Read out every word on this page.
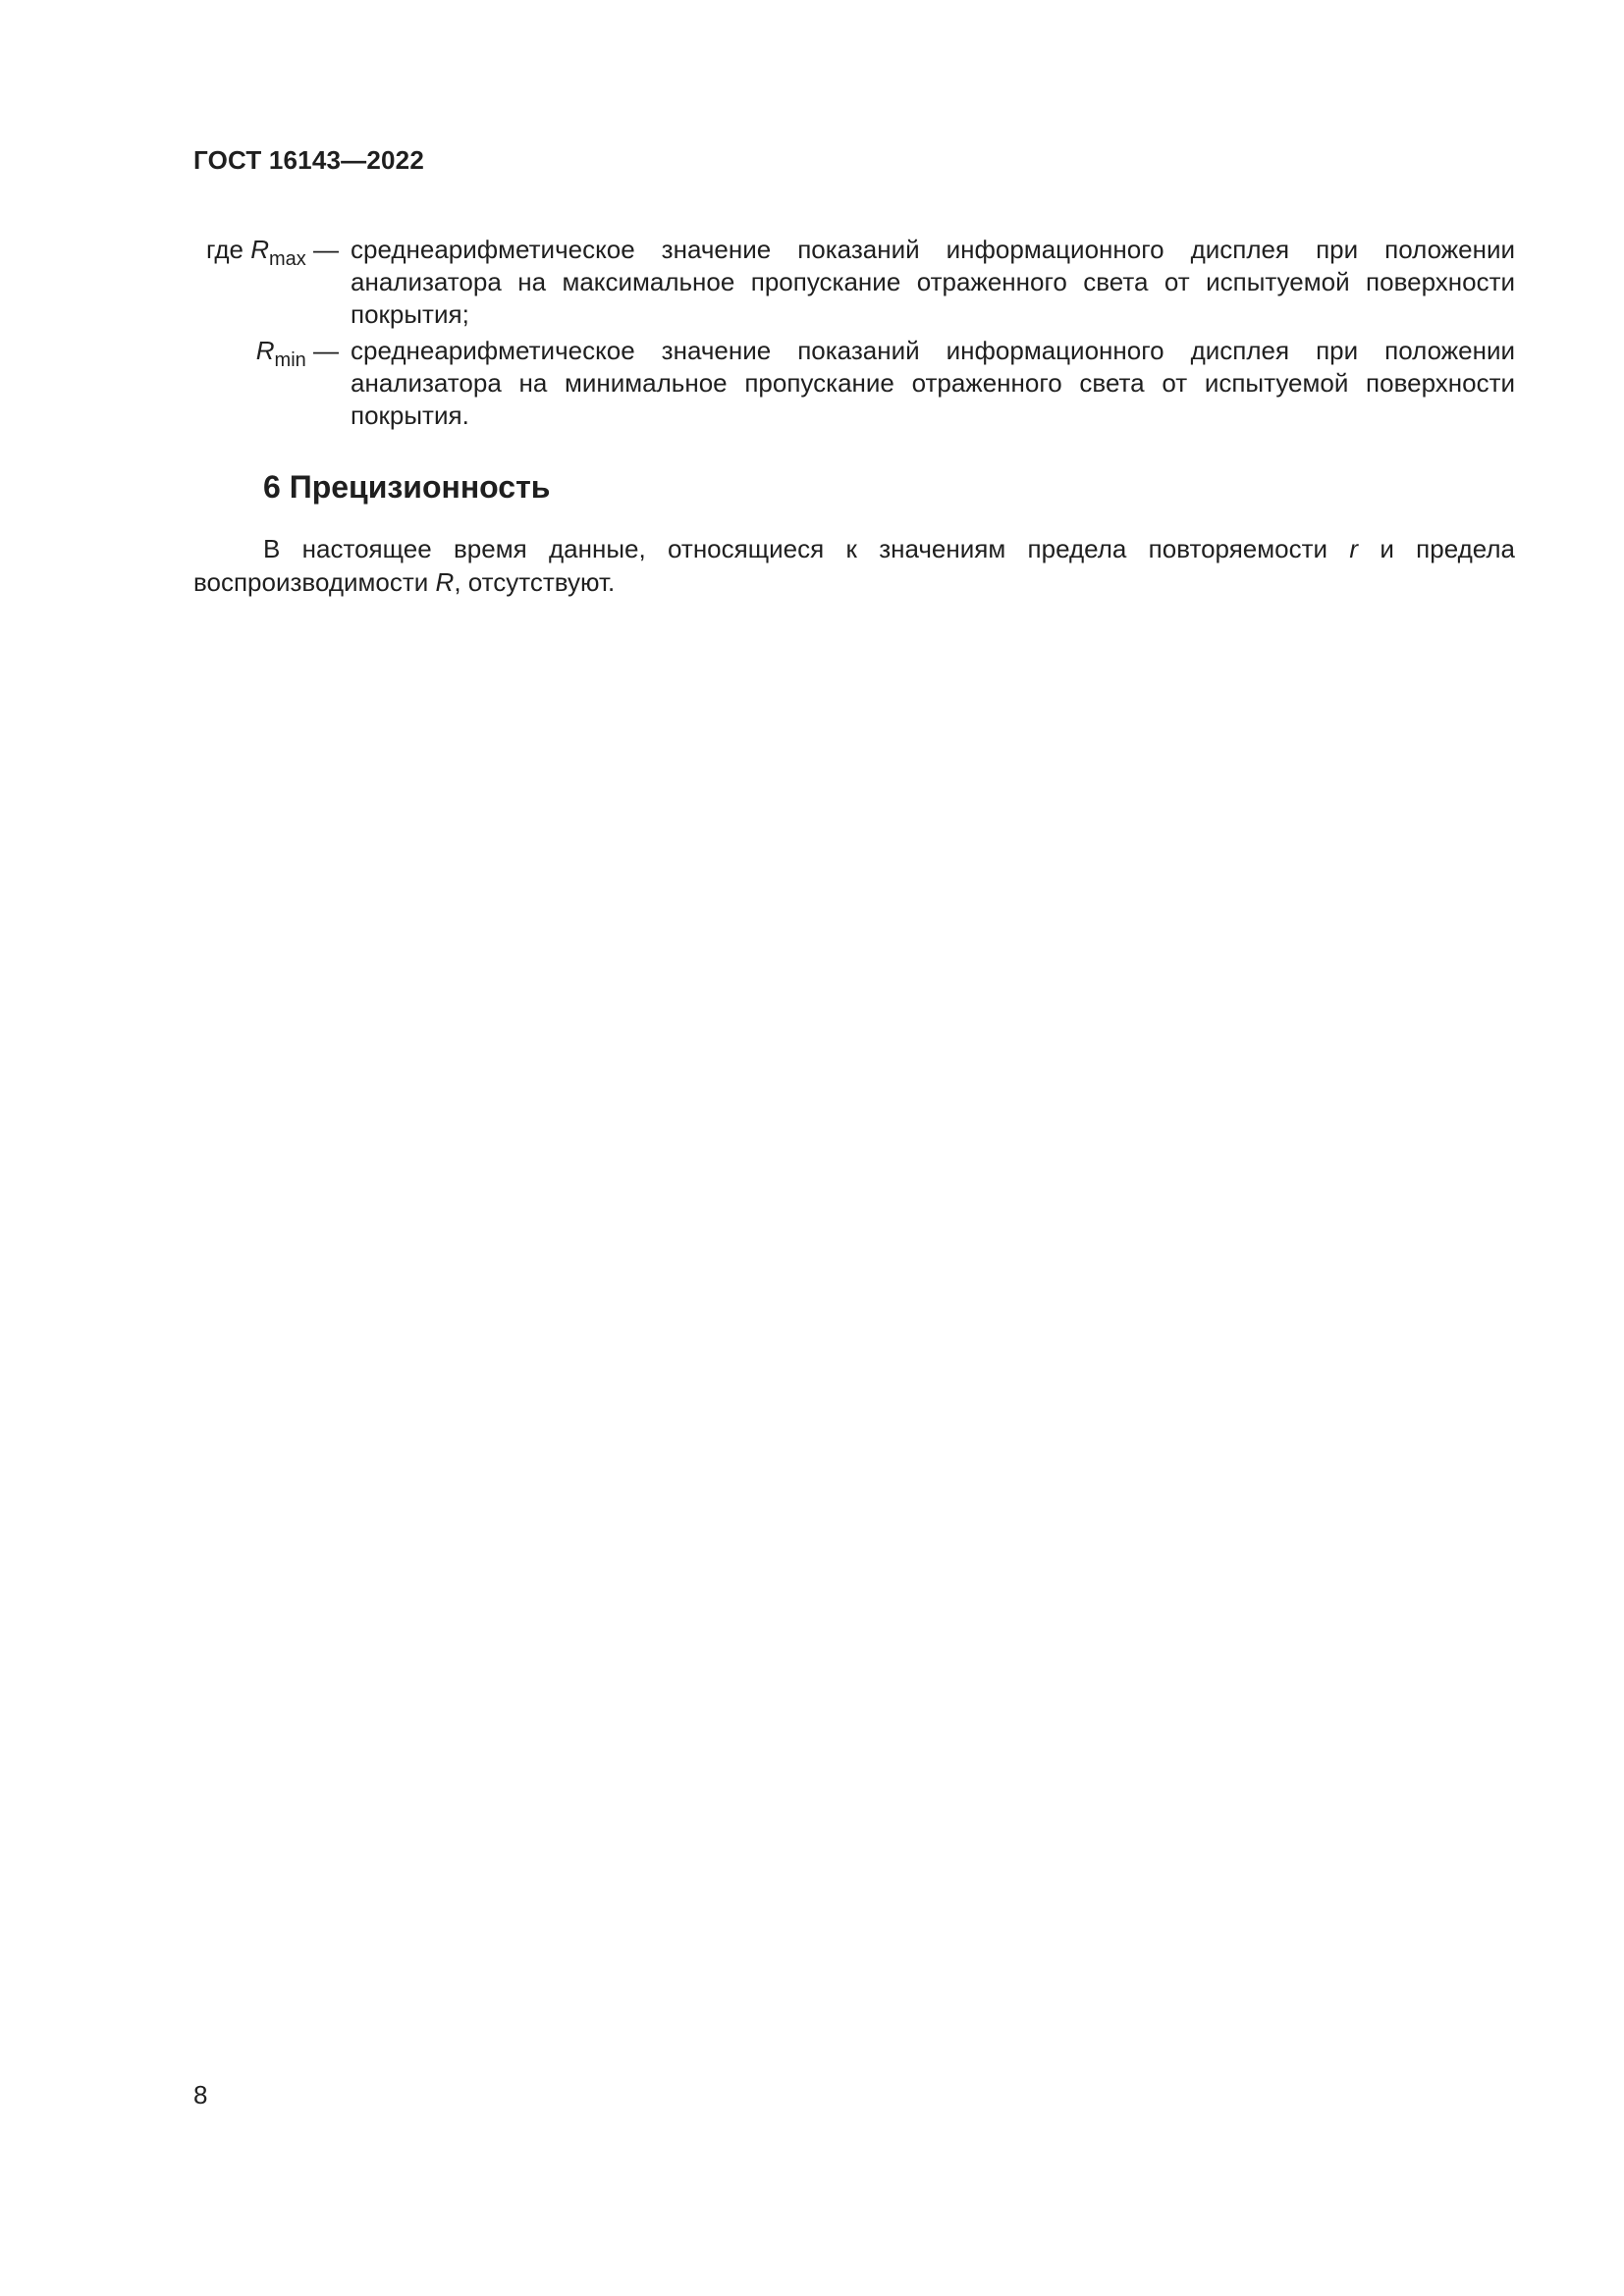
ГОСТ 16143—2022
где $R_{max}$ — среднеарифметическое значение показаний информационного дисплея при положении анализатора на максимальное пропускание отраженного света от испытуемой поверхности покрытия;
$R_{min}$ — среднеарифметическое значение показаний информационного дисплея при положении анализатора на минимальное пропускание отраженного света от испытуемой поверхности покрытия.
6 Прецизионность
В настоящее время данные, относящиеся к значениям предела повторяемости r и предела воспроизводимости R, отсутствуют.
8
